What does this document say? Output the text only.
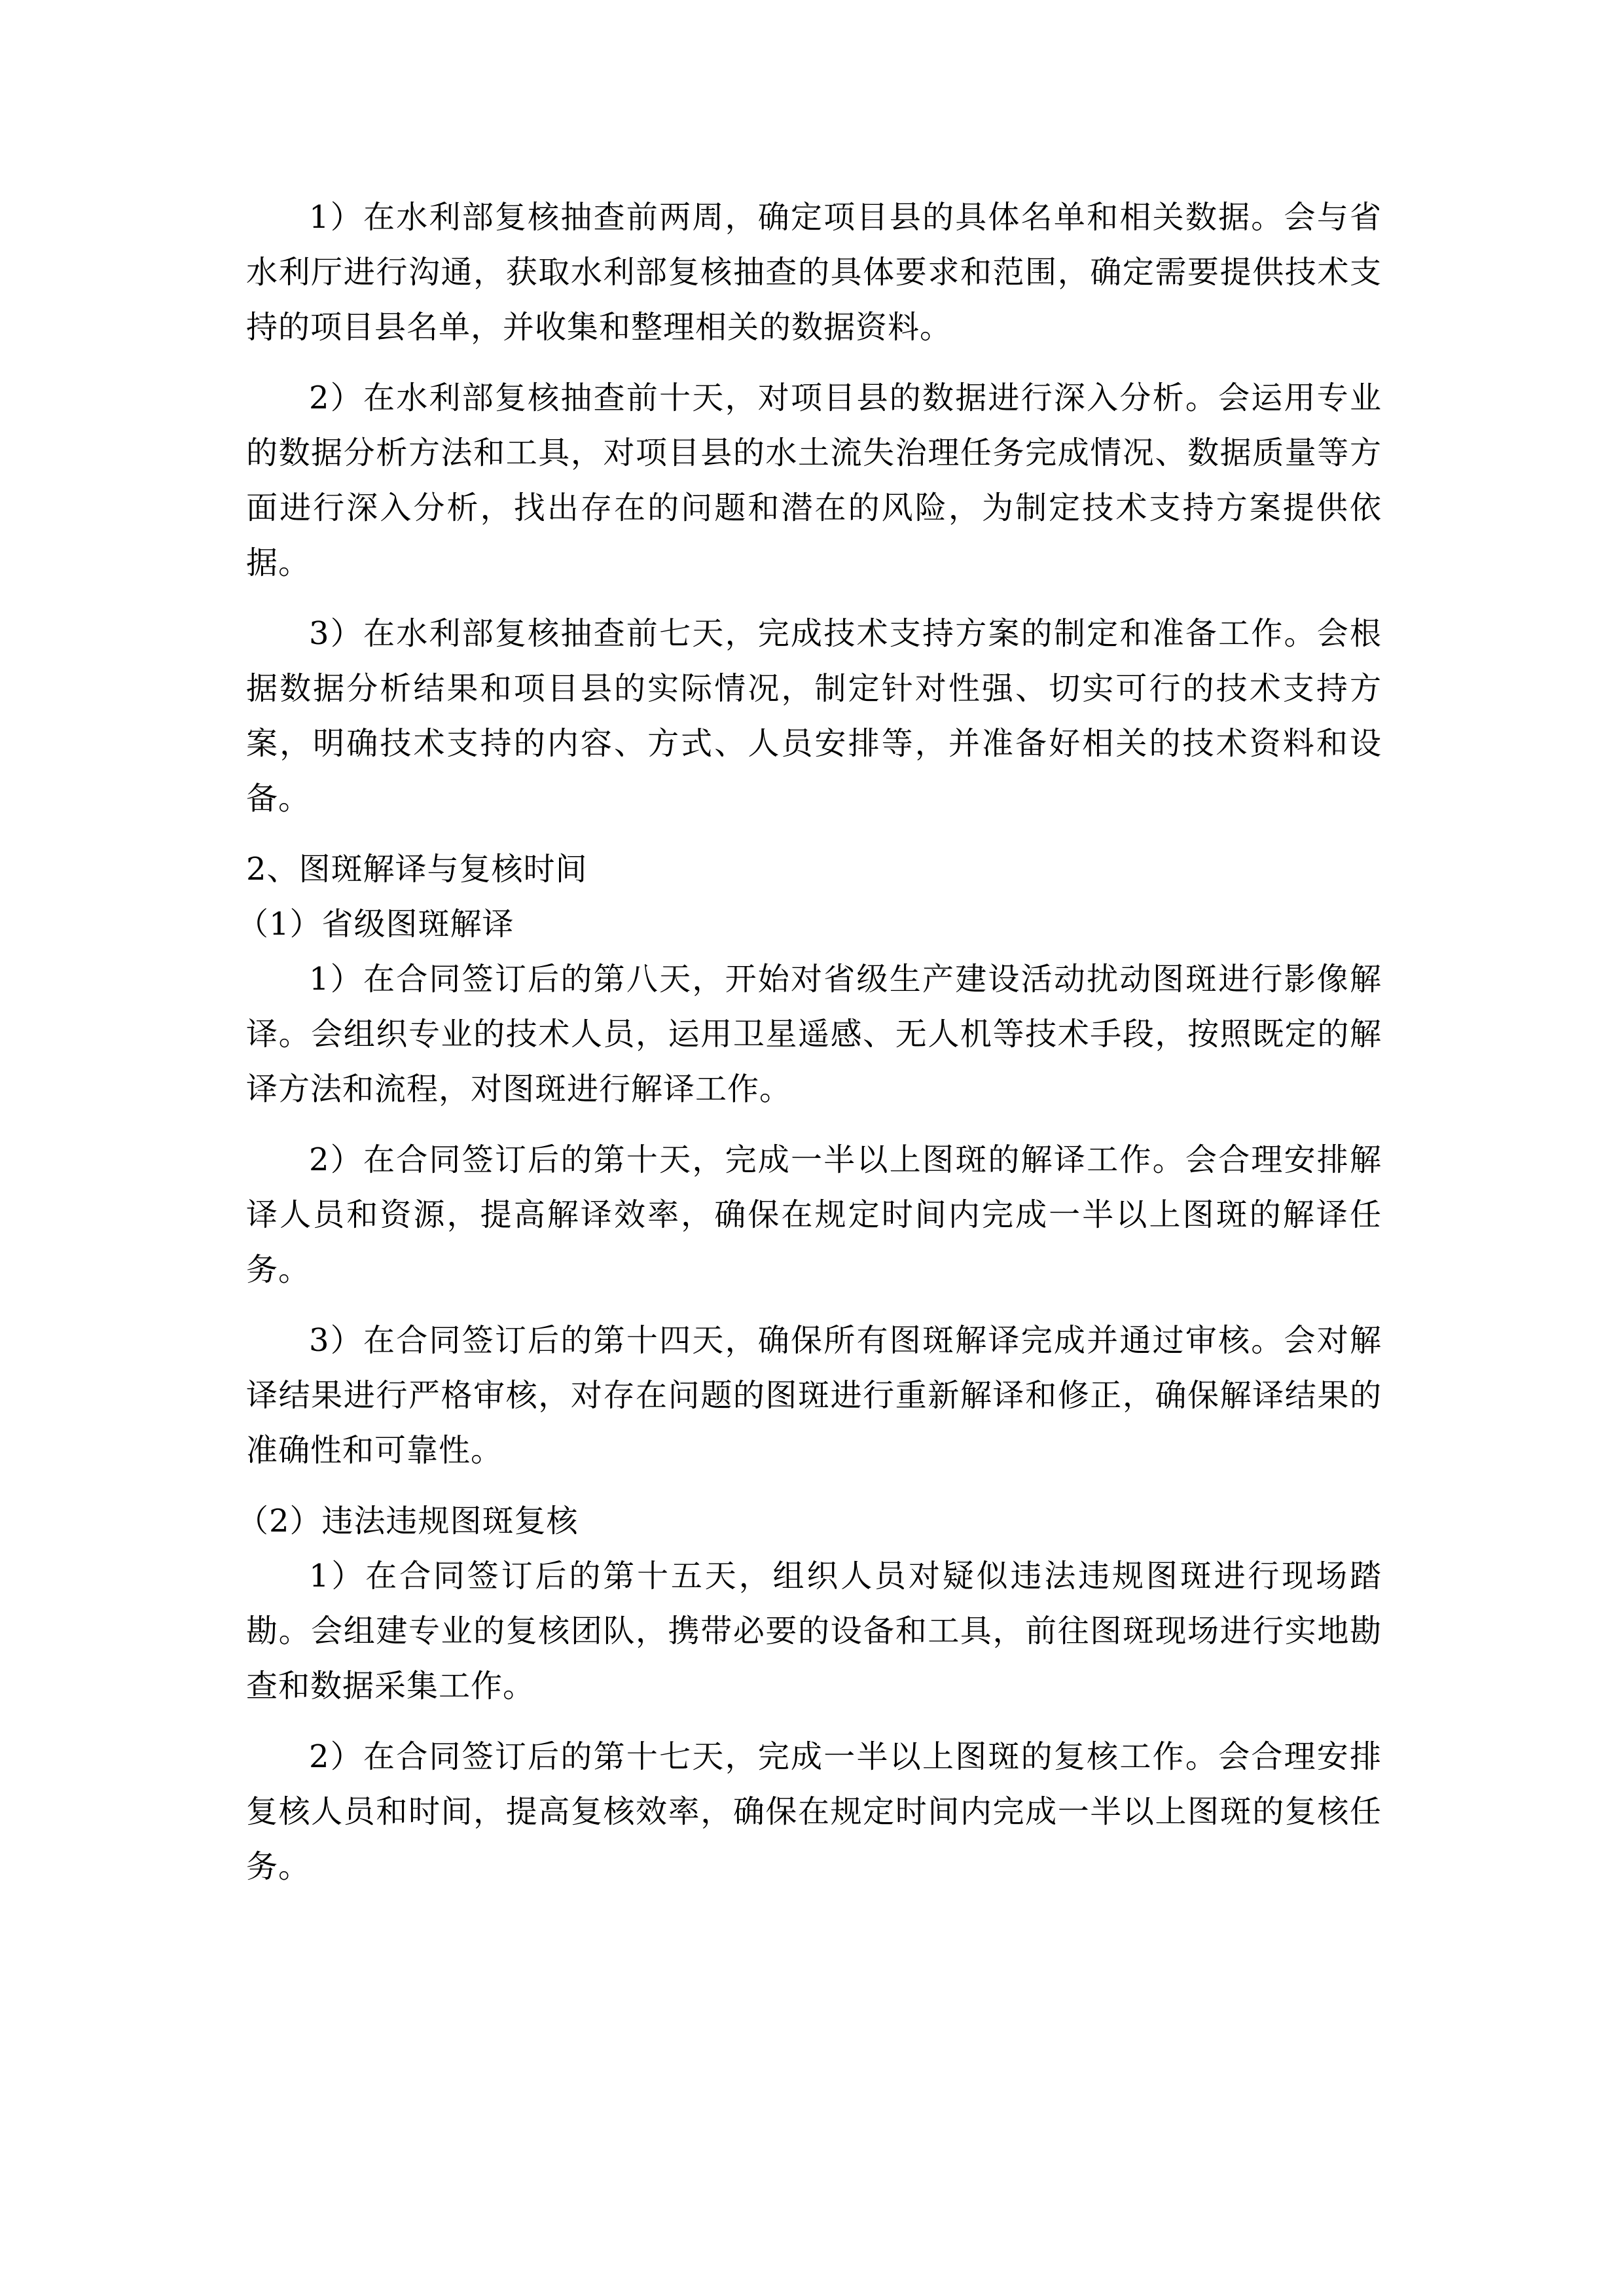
1）在水利部复核抽查前两周，确定项目县的具体名单和相关数据。会与省水利厅进行沟通，获取水利部复核抽查的具体要求和范围，确定需要提供技术支持的项目县名单，并收集和整理相关的数据资料。

2）在水利部复核抽查前十天，对项目县的数据进行深入分析。会运用专业的数据分析方法和工具，对项目县的水土流失治理任务完成情况、数据质量等方面进行深入分析，找出存在的问题和潜在的风险，为制定技术支持方案提供依据。

3）在水利部复核抽查前七天，完成技术支持方案的制定和准备工作。会根据数据分析结果和项目县的实际情况，制定针对性强、切实可行的技术支持方案，明确技术支持的内容、方式、人员安排等，并准备好相关的技术资料和设备。

2、图斑解译与复核时间

（1）省级图斑解译

1）在合同签订后的第八天，开始对省级生产建设活动扰动图斑进行影像解译。会组织专业的技术人员，运用卫星遥感、无人机等技术手段，按照既定的解译方法和流程，对图斑进行解译工作。

2）在合同签订后的第十天，完成一半以上图斑的解译工作。会合理安排解译人员和资源，提高解译效率，确保在规定时间内完成一半以上图斑的解译任务。

3）在合同签订后的第十四天，确保所有图斑解译完成并通过审核。会对解译结果进行严格审核，对存在问题的图斑进行重新解译和修正，确保解译结果的准确性和可靠性。

（2）违法违规图斑复核

1）在合同签订后的第十五天，组织人员对疑似违法违规图斑进行现场踏勘。会组建专业的复核团队，携带必要的设备和工具，前往图斑现场进行实地勘查和数据采集工作。

2）在合同签订后的第十七天，完成一半以上图斑的复核工作。会合理安排复核人员和时间，提高复核效率，确保在规定时间内完成一半以上图斑的复核任务。
